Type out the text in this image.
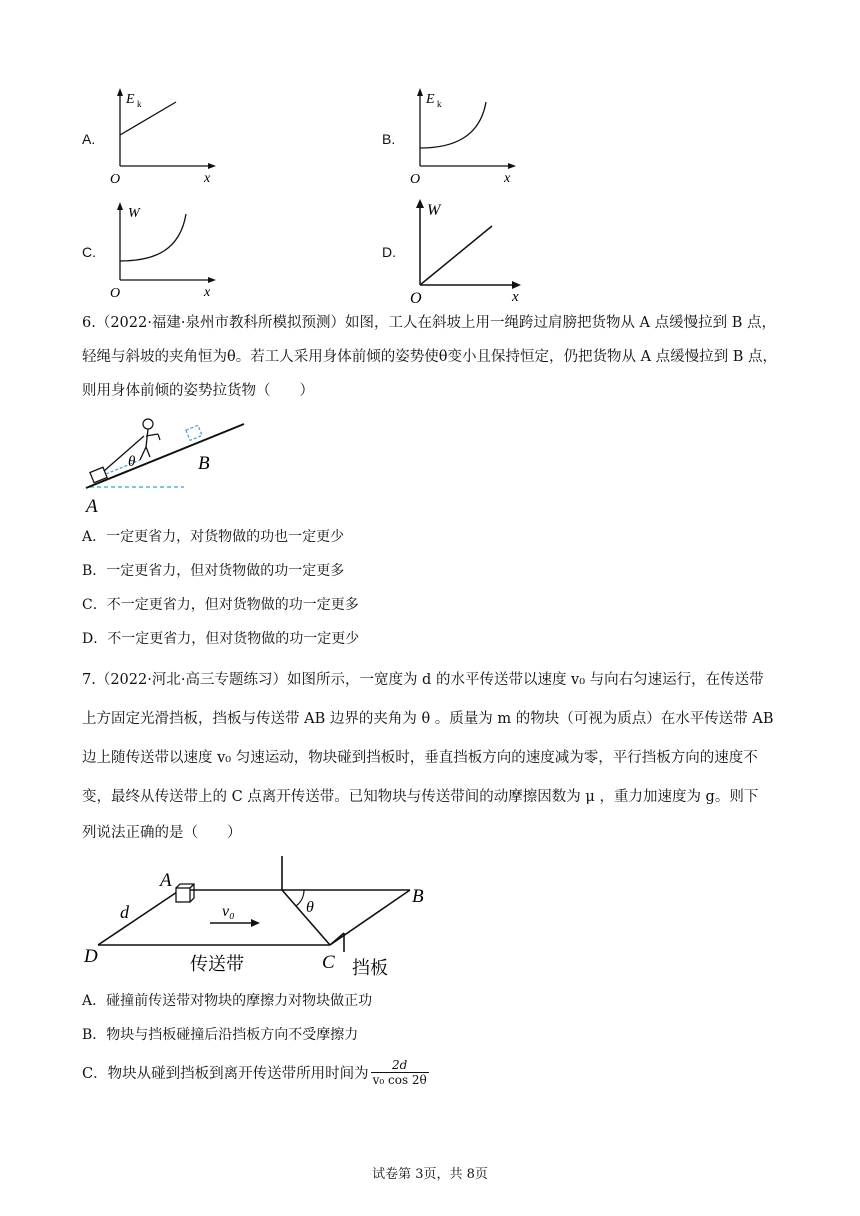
A.
E k
O	x
B.
E k
O	x
C.
W
O	x
D.
W
O	x
6.（2022·福建·泉州市教科所模拟预测）如图，工人在斜坡上用一绳跨过肩膀把货物从 A 点缓慢拉到 B 点，
轻绳与斜坡的夹角恒为θ。若工人采用身体前倾的姿势使θ变小且保持恒定，仍把货物从 A 点缓慢拉到 B 点，
则用身体前倾的姿势拉货物（　　）
θ	B
A
A．一定更省力，对货物做的功也一定更少
B．一定更省力，但对货物做的功一定更多
C．不一定更省力，但对货物做的功一定更多
D．不一定更省力，但对货物做的功一定更少
7.（2022·河北·高三专题练习）如图所示，一宽度为 d 的水平传送带以速度 v₀ 与向右匀速运行，在传送带
上方固定光滑挡板，挡板与传送带 AB 边界的夹角为 θ 。质量为 m 的物块（可视为质点）在水平传送带 AB
边上随传送带以速度 v₀ 匀速运动，物块碰到挡板时，垂直挡板方向的速度减为零，平行挡板方向的速度不
变，最终从传送带上的 C 点离开传送带。已知物块与传送带间的动摩擦因数为 μ ，重力加速度为 g。则下
列说法正确的是（　　）
A
B
C
D
d	v₀	θ
传送带	挡板
A．碰撞前传送带对物块的摩擦力对物块做正功
B．物块与挡板碰撞后沿挡板方向不受摩擦力
C．物块从碰到挡板到离开传送带所用时间为 $\frac{2d}{\text{v₀ cos 2θ}}$
试卷第 3页，共 8页
